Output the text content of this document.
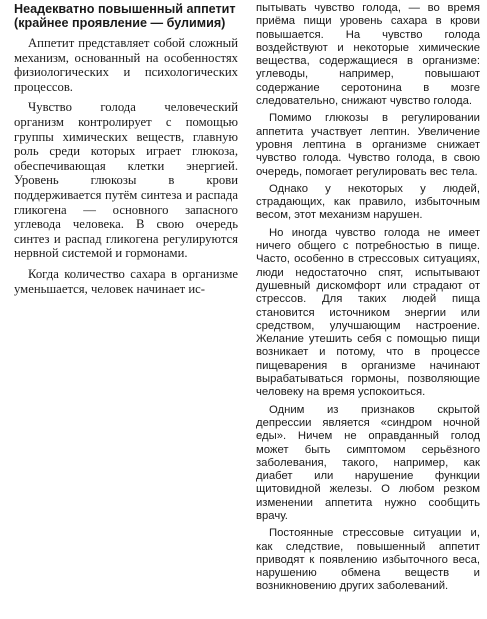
Неадекватно повышенный аппетит (крайнее проявление — булимия)

Аппетит представляет собой сложный механизм, основанный на особенностях физиологических и психологических процессов.

Чувство голода человеческий организм контролирует с помощью группы химических веществ, главную роль среди которых играет глюкоза, обеспечивающая клетки энергией. Уровень глюкозы в крови поддерживается путём синтеза и распада гликогена — основного запасного углевода человека. В свою очередь синтез и распад гликогена регулируются нервной системой и гормонами.

Когда количество сахара в организме уменьшается, человек начинает ис-

пытывать чувство голода, — во время приёма пищи уровень сахара в крови повышается. На чувство голода воздействуют и некоторые химические вещества, содержащиеся в организме: углеводы, например, повышают содержание серотонина в мозге следовательно, снижают чувство голода.

Помимо глюкозы в регулировании аппетита участвует лептин. Увеличение уровня лептина в организме снижает чувство голода. Чувство голода, в свою очередь, помогает регулировать вес тела.

Однако у некоторых у людей, страдающих, как правило, избыточным весом, этот механизм нарушен.

Но иногда чувство голода не имеет ничего общего с потребностью в пище. Часто, особенно в стрессовых ситуациях, люди недостаточно спят, испытывают душевный дискомфорт или страдают от стрессов. Для таких людей пища становится источником энергии или средством, улучшающим настроение. Желание утешить себя с помощью пищи возникает и потому, что в процессе пищеварения в организме начинают вырабатываться гормоны, позволяющие человеку на время успокоиться.

Одним из признаков скрытой депрессии является «синдром ночной еды». Ничем не оправданный голод может быть симптомом серьёзного заболевания, такого, например, как диабет или нарушение функции щитовидной железы. О любом резком изменении аппетита нужно сообщить врачу.

Постоянные стрессовые ситуации и, как следствие, повышенный аппетит приводят к появлению избыточного веса, нарушению обмена веществ и возникновению других заболеваний.
